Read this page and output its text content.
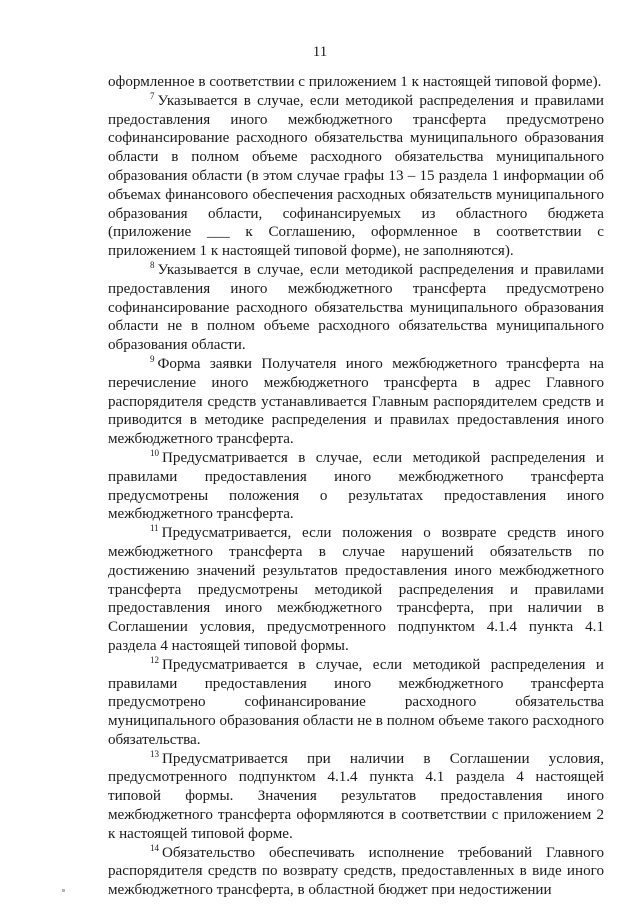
11

оформленное в соответствии с приложением 1 к настоящей типовой форме).

$^7$ Указывается в случае, если методикой распределения и правилами предоставления иного межбюджетного трансферта предусмотрено софинансирование расходного обязательства муниципального образования области в полном объеме расходного обязательства муниципального образования области (в этом случае графы 13 – 15 раздела 1 информации об объемах финансового обеспечения расходных обязательств муниципального образования области, софинансируемых из областного бюджета (приложение ___ к Соглашению, оформленное в соответствии с приложением 1 к настоящей типовой форме), не заполняются).

$^8$ Указывается в случае, если методикой распределения и правилами предоставления иного межбюджетного трансферта предусмотрено софинансирование расходного обязательства муниципального образования области не в полном объеме расходного обязательства муниципального образования области.

$^9$ Форма заявки Получателя иного межбюджетного трансферта на перечисление иного межбюджетного трансферта в адрес Главного распорядителя средств устанавливается Главным распорядителем средств и приводится в методике распределения и правилах предоставления иного межбюджетного трансферта.

$^{10}$ Предусматривается в случае, если методикой распределения и правилами предоставления иного межбюджетного трансферта предусмотрены положения о результатах предоставления иного межбюджетного трансферта.

$^{11}$ Предусматривается, если положения о возврате средств иного межбюджетного трансферта в случае нарушений обязательств по достижению значений результатов предоставления иного межбюджетного трансферта предусмотрены методикой распределения и правилами предоставления иного межбюджетного трансферта, при наличии в Соглашении условия, предусмотренного подпунктом 4.1.4 пункта 4.1 раздела 4 настоящей типовой формы.

$^{12}$ Предусматривается в случае, если методикой распределения и правилами предоставления иного межбюджетного трансферта предусмотрено софинансирование расходного обязательства муниципального образования области не в полном объеме такого расходного обязательства.

$^{13}$ Предусматривается при наличии в Соглашении условия, предусмотренного подпунктом 4.1.4 пункта 4.1 раздела 4 настоящей типовой формы. Значения результатов предоставления иного межбюджетного трансферта оформляются в соответствии с приложением 2 к настоящей типовой форме.

$^{14}$ Обязательство обеспечивать исполнение требований Главного распорядителя средств по возврату средств, предоставленных в виде иного межбюджетного трансферта, в областной бюджет при недостижении
